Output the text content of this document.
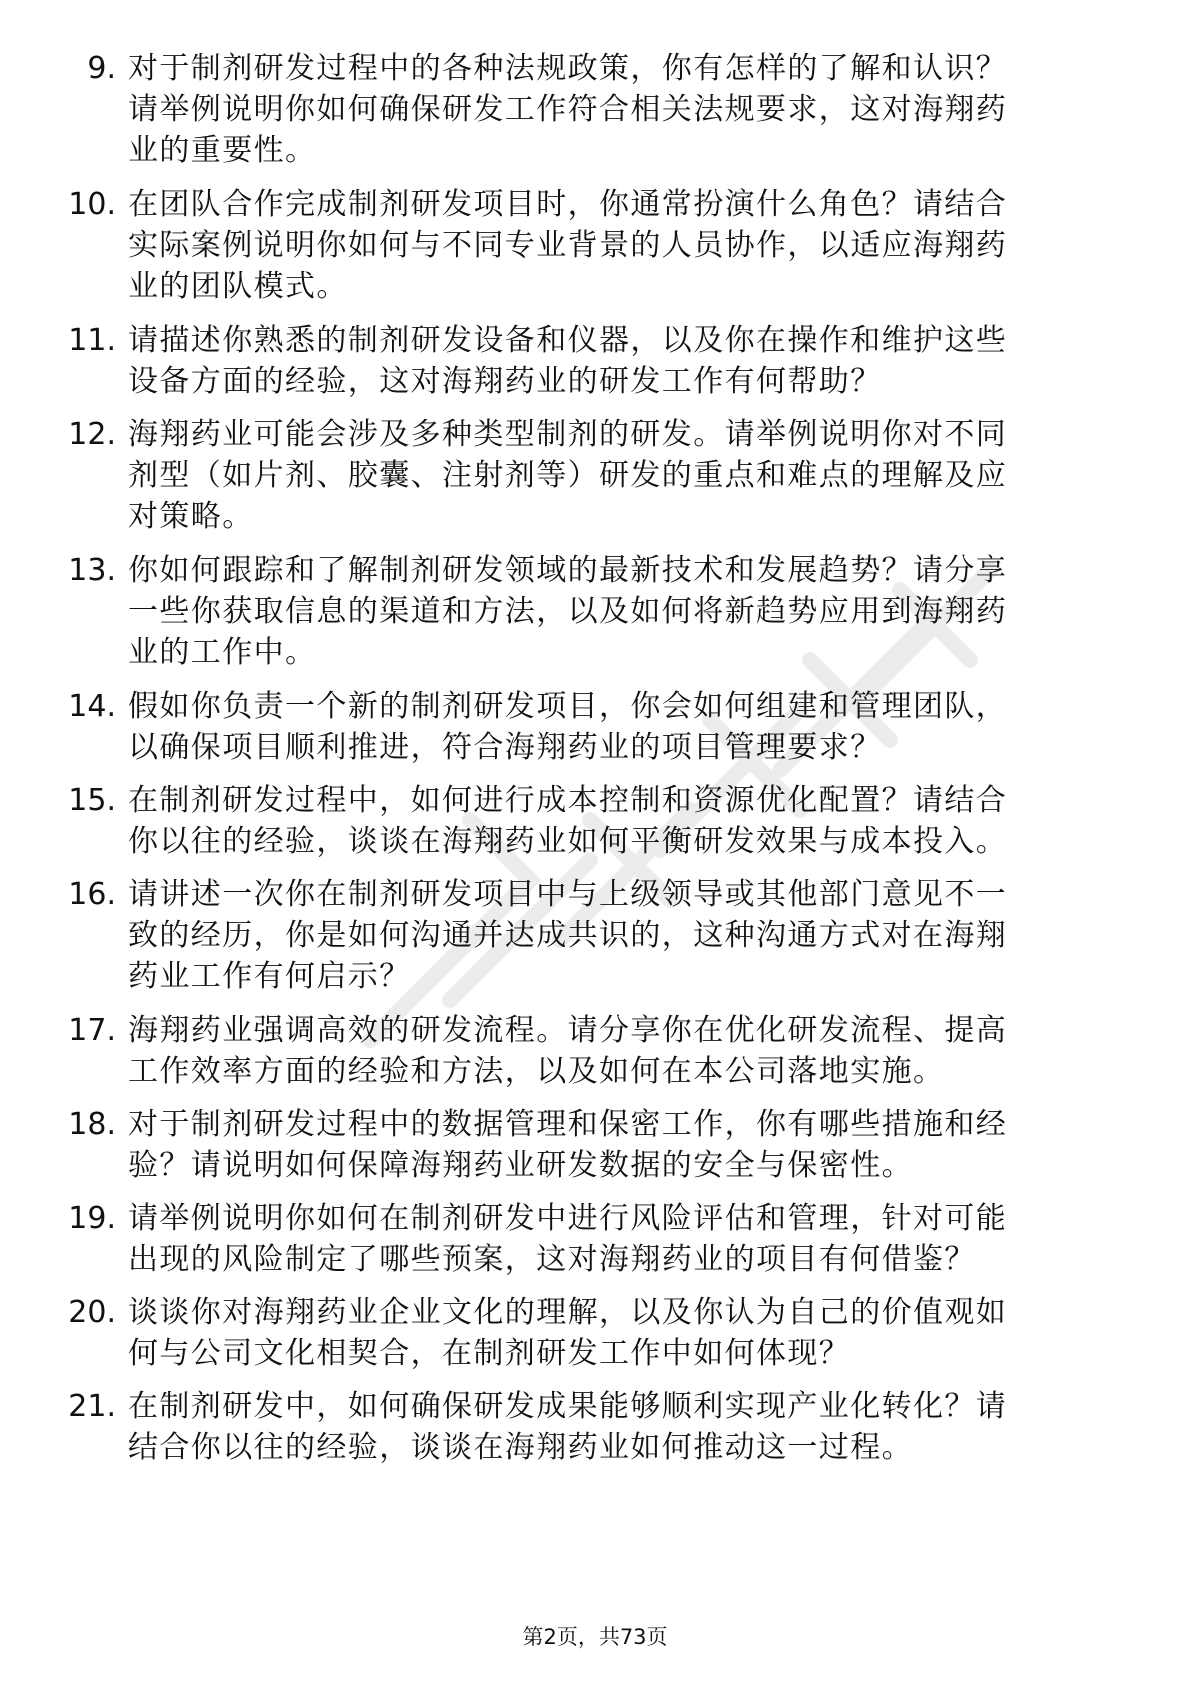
9. 对于制剂研发过程中的各种法规政策，你有怎样的了解和认识？
请举例说明你如何确保研发工作符合相关法规要求，这对海翔药
业的重要性。
10. 在团队合作完成制剂研发项目时，你通常扮演什么角色？请结合
实际案例说明你如何与不同专业背景的人员协作，以适应海翔药
业的团队模式。
11. 请描述你熟悉的制剂研发设备和仪器，以及你在操作和维护这些
设备方面的经验，这对海翔药业的研发工作有何帮助？
12. 海翔药业可能会涉及多种类型制剂的研发。请举例说明你对不同
剂型（如片剂、胶囊、注射剂等）研发的重点和难点的理解及应
对策略。
13. 你如何跟踪和了解制剂研发领域的最新技术和发展趋势？请分享
一些你获取信息的渠道和方法，以及如何将新趋势应用到海翔药
业的工作中。
14. 假如你负责一个新的制剂研发项目，你会如何组建和管理团队，
以确保项目顺利推进，符合海翔药业的项目管理要求？
15. 在制剂研发过程中，如何进行成本控制和资源优化配置？请结合
你以往的经验，谈谈在海翔药业如何平衡研发效果与成本投入。
16. 请讲述一次你在制剂研发项目中与上级领导或其他部门意见不一
致的经历，你是如何沟通并达成共识的，这种沟通方式对在海翔
药业工作有何启示？
17. 海翔药业强调高效的研发流程。请分享你在优化研发流程、提高
工作效率方面的经验和方法，以及如何在本公司落地实施。
18. 对于制剂研发过程中的数据管理和保密工作，你有哪些措施和经
验？请说明如何保障海翔药业研发数据的安全与保密性。
19. 请举例说明你如何在制剂研发中进行风险评估和管理，针对可能
出现的风险制定了哪些预案，这对海翔药业的项目有何借鉴？
20. 谈谈你对海翔药业企业文化的理解，以及你认为自己的价值观如
何与公司文化相契合，在制剂研发工作中如何体现？
21. 在制剂研发中，如何确保研发成果能够顺利实现产业化转化？请
结合你以往的经验，谈谈在海翔药业如何推动这一过程。
第2页，共73页
